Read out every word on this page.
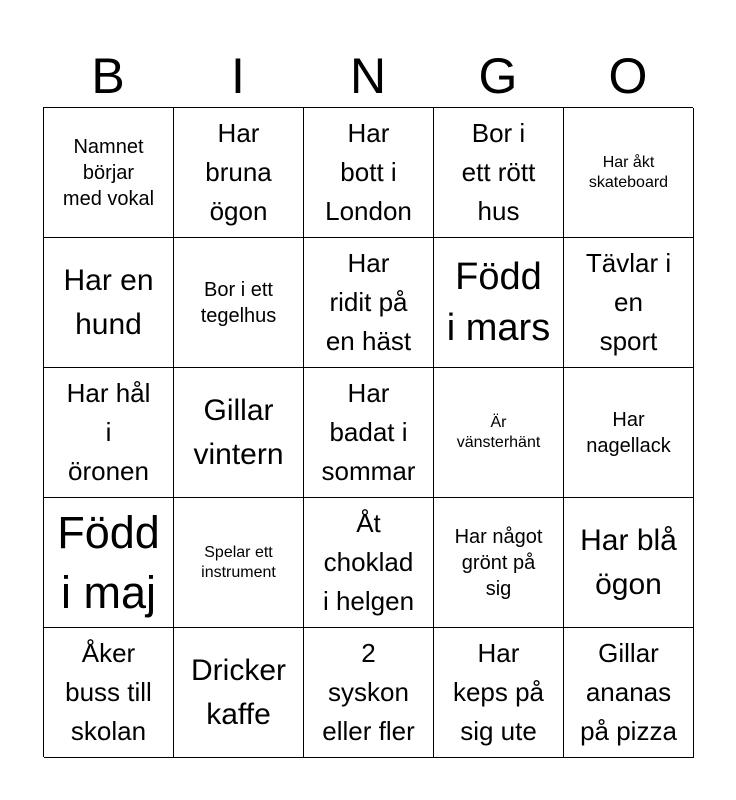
B	I	N	G	O
Namnet
börjar
med vokal
Har
bruna
ögon
Har
bott i
London
Bor i
ett rött
hus
Har åkt
skateboard
Har en
hund
Bor i ett
tegelhus
Har
ridit på
en häst
Född
i mars
Tävlar i
en
sport
Har hål
i
öronen
Gillar
vintern
Har
badat i
sommar
Är
vänsterhänt
Har
nagellack
Född
i maj
Spelar ett
instrument
Åt
choklad
i helgen
Har något
grönt på
sig
Har blå
ögon
Åker
buss till
skolan
Dricker
kaffe
2
syskon
eller fler
Har
keps på
sig ute
Gillar
ananas
på pizza
